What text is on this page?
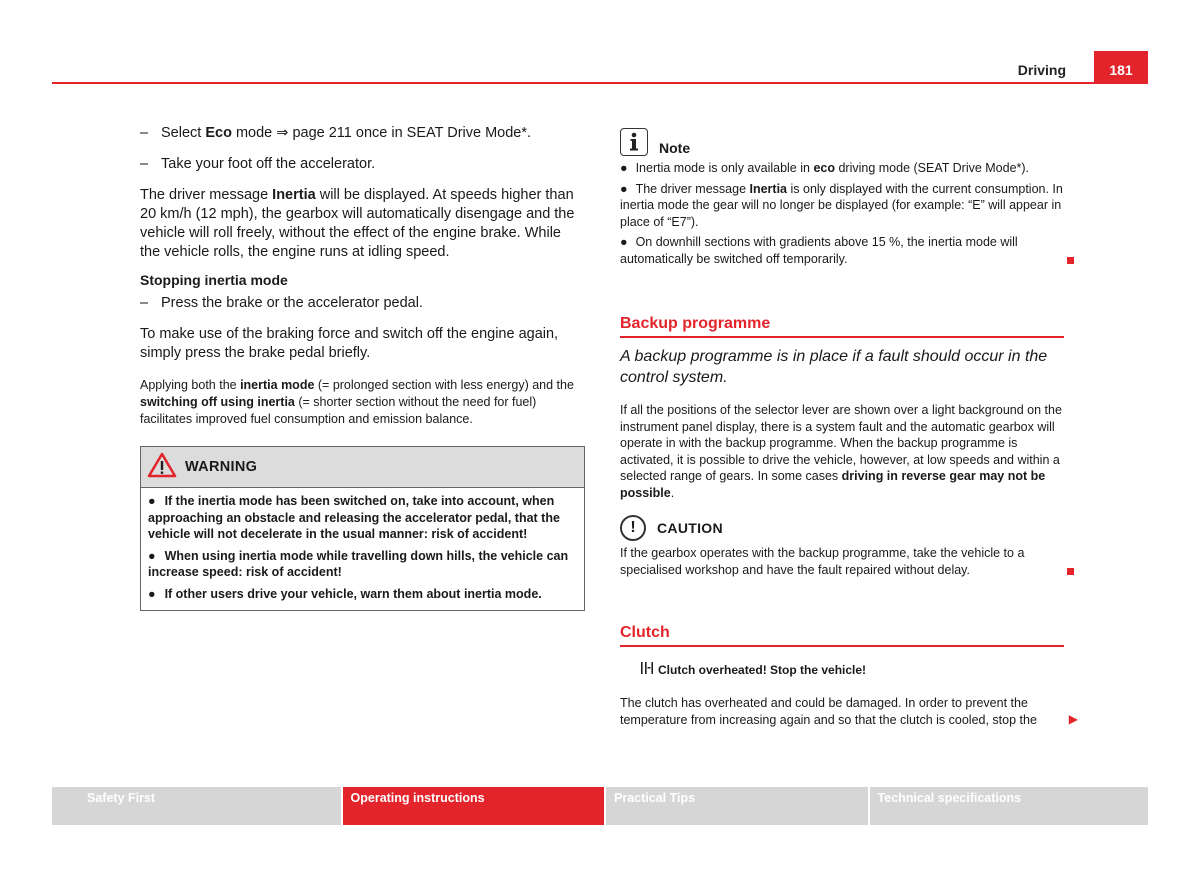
Driving	181
– Select Eco mode ⇒ page 211 once in SEAT Drive Mode*.
– Take your foot off the accelerator.

The driver message Inertia will be displayed. At speeds higher than 20 km/h (12 mph), the gearbox will automatically disengage and the vehicle will roll freely, without the effect of the engine brake. While the vehicle rolls, the engine runs at idling speed.

Stopping inertia mode
– Press the brake or the accelerator pedal.

To make use of the braking force and switch off the engine again, simply press the brake pedal briefly.

Applying both the inertia mode (= prolonged section with less energy) and the switching off using inertia (= shorter section without the need for fuel) facilitates improved fuel consumption and emission balance.

WARNING
● If the inertia mode has been switched on, take into account, when approaching an obstacle and releasing the accelerator pedal, that the vehicle will not decelerate in the usual manner: risk of accident!
● When using inertia mode while travelling down hills, the vehicle can increase speed: risk of accident!
● If other users drive your vehicle, warn them about inertia mode.
Note

● Inertia mode is only available in eco driving mode (SEAT Drive Mode*).

● The driver message Inertia is only displayed with the current consumption. In inertia mode the gear will no longer be displayed (for example: “E” will appear in place of “E7”).

● On downhill sections with gradients above 15 %, the inertia mode will automatically be switched off temporarily.

Backup programme

A backup programme is in place if a fault should occur in the control system.

If all the positions of the selector lever are shown over a light background on the instrument panel display, there is a system fault and the automatic gearbox will operate in with the backup programme. When the backup programme is activated, it is possible to drive the vehicle, however, at low speeds and within a selected range of gears. In some cases driving in reverse gear may not be possible.

!	CAUTION

If the gearbox operates with the backup programme, take the vehicle to a specialised workshop and have the fault repaired without delay.

Clutch
Clutch overheated! Stop the vehicle!

The clutch has overheated and could be damaged. In order to prevent the temperature from increasing again and so that the clutch is cooled, stop the	▶

Safety First	Operating instructions	Practical Tips	Technical specifications
